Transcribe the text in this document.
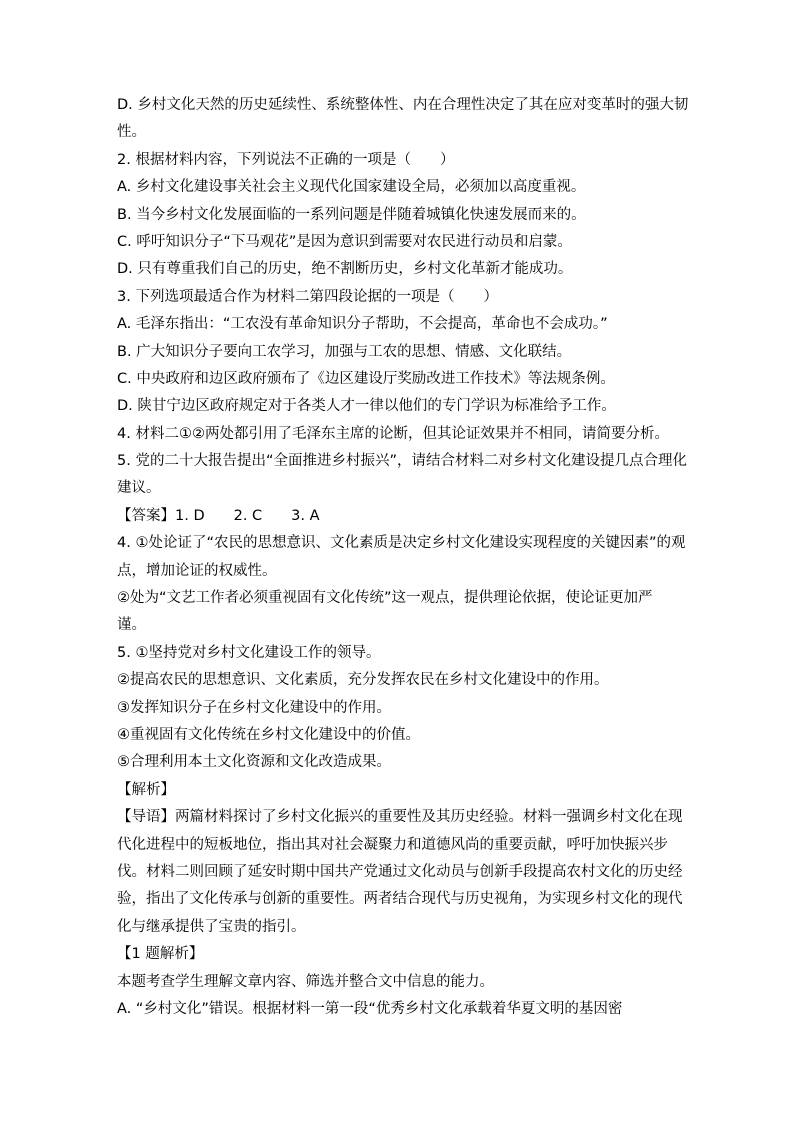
D. 乡村文化天然的历史延续性、系统整体性、内在合理性决定了其在应对变革时的强大韧
性。
2. 根据材料内容，下列说法不正确的一项是（　　）
A. 乡村文化建设事关社会主义现代化国家建设全局，必须加以高度重视。
B. 当今乡村文化发展面临的一系列问题是伴随着城镇化快速发展而来的。
C. 呼吁知识分子“下马观花”是因为意识到需要对农民进行动员和启蒙。
D. 只有尊重我们自己的历史，绝不割断历史，乡村文化革新才能成功。
3. 下列选项最适合作为材料二第四段论据的一项是（　　）
A. 毛泽东指出：“工农没有革命知识分子帮助，不会提高，革命也不会成功。”
B. 广大知识分子要向工农学习，加强与工农的思想、情感、文化联结。
C. 中央政府和边区政府颁布了《边区建设厅奖励改进工作技术》等法规条例。
D. 陕甘宁边区政府规定对于各类人才一律以他们的专门学识为标准给予工作。
4. 材料二①②两处都引用了毛泽东主席的论断，但其论证效果并不相同，请简要分析。
5. 党的二十大报告提出“全面推进乡村振兴”，请结合材料二对乡村文化建设提几点合理化
建议。
【答案】1. D　　2. C　　3. A
4. ①处论证了“农民的思想意识、文化素质是决定乡村文化建设实现程度的关键因素”的观
点，增加论证的权威性。
②处为“文艺工作者必须重视固有文化传统”这一观点，提供理论依据，使论证更加严
谨。
5. ①坚持党对乡村文化建设工作的领导。
②提高农民的思想意识、文化素质，充分发挥农民在乡村文化建设中的作用。
③发挥知识分子在乡村文化建设中的作用。
④重视固有文化传统在乡村文化建设中的价值。
⑤合理利用本土文化资源和文化改造成果。
【解析】
【导语】两篇材料探讨了乡村文化振兴的重要性及其历史经验。材料一强调乡村文化在现
代化进程中的短板地位，指出其对社会凝聚力和道德风尚的重要贡献，呼吁加快振兴步
伐。材料二则回顾了延安时期中国共产党通过文化动员与创新手段提高农村文化的历史经
验，指出了文化传承与创新的重要性。两者结合现代与历史视角，为实现乡村文化的现代
化与继承提供了宝贵的指引。
【1 题解析】
本题考查学生理解文章内容、筛选并整合文中信息的能力。
A. “乡村文化”错误。根据材料一第一段“优秀乡村文化承载着华夏文明的基因密
